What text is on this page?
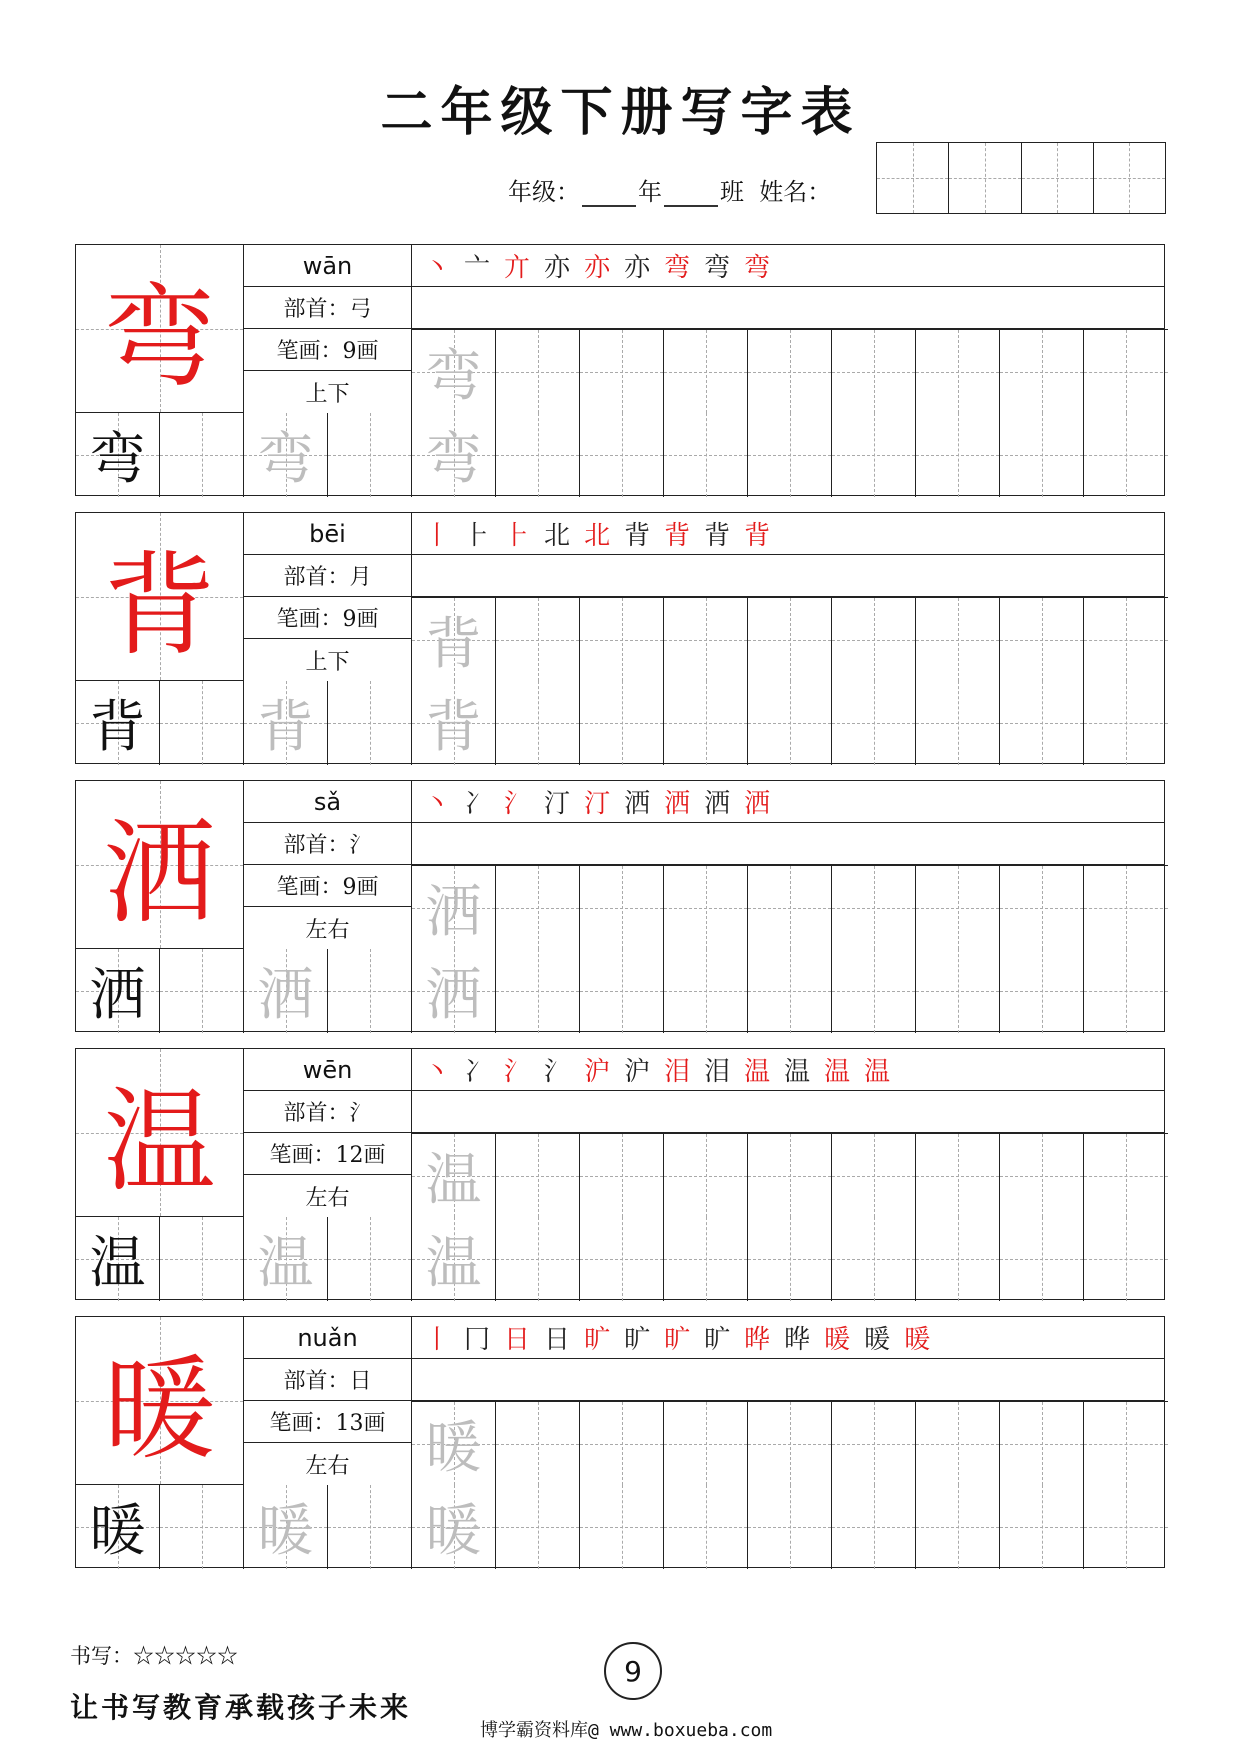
二年级下册写字表
年级： 年 班 姓名：
弯
wān
部首：弓
笔画：9画
上下
丶 亠 亣 亦 亦 亦 弯 弯 弯
弯
弯 弯 弯
背
bēi
部首：月
笔画：9画
上下
丨 ⺊ ⺊ 北 北 背 背 背 背
背
背 背 背
洒
sǎ
部首：氵
笔画：9画
左右
丶 冫 氵 汀 汀 洒 洒 洒 洒
洒
洒 洒 洒
温
wēn
部首：氵
笔画：12画
左右
丶 冫 氵 氵 沪 沪 泪 泪 温 温 温 温
温
温 温 温
暖
nuǎn
部首：日
笔画：13画
左右
丨 冂 日 日 旷 旷 旷 旷 晔 晔 暖 暖 暖
暖
暖 暖 暖
书写：☆☆☆☆☆	9
让书写教育承载孩子未来
博学霸资料库@ www.boxueba.com
